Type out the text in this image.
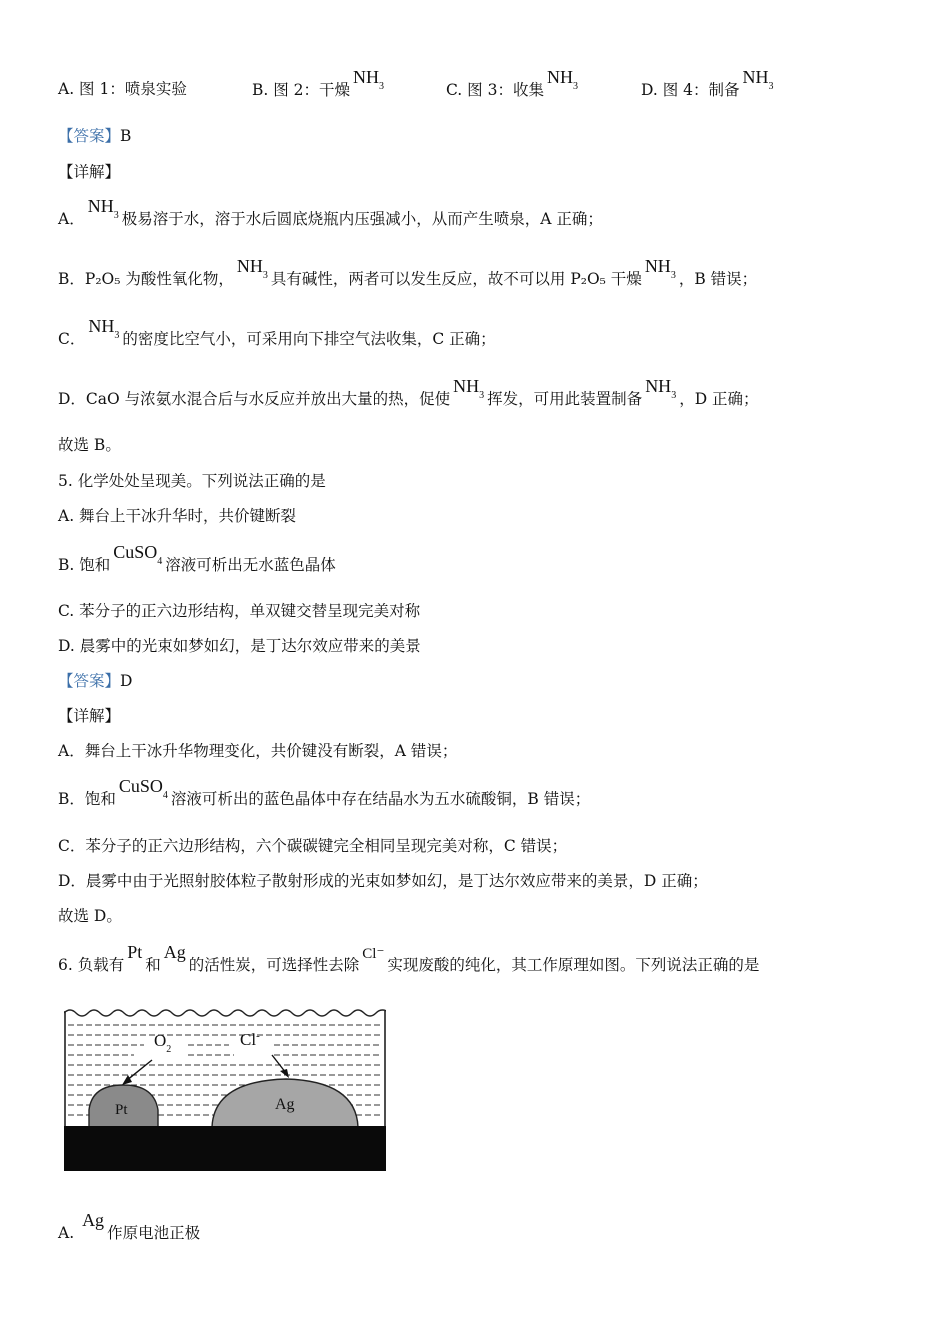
A. 图 1：喷泉实验	B. 图 2：干燥$NH_3$	C. 图 3：收集$NH_3$	D. 图 4：制备$NH_3$
【答案】B
【详解】
A．$NH_3$ 极易溶于水，溶于水后圆底烧瓶内压强减小，从而产生喷泉，A 正确；
B．P₂O₅ 为酸性氧化物，$NH_3$ 具有碱性，两者可以发生反应，故不可以用 P₂O₅ 干燥$NH_3$ ，B 错误；
C．$NH_3$ 的密度比空气小，可采用向下排空气法收集，C 正确；
D．CaO 与浓氨水混合后与水反应并放出大量的热，促使$NH_3$ 挥发，可用此装置制备$NH_3$ ，D 正确；
故选 B。
5. 化学处处呈现美。下列说法正确的是
A. 舞台上干冰升华时，共价键断裂
B. 饱和CuSO$_4$ 溶液可析出无水蓝色晶体
C. 苯分子的正六边形结构，单双键交替呈现完美对称
D. 晨雾中的光束如梦如幻，是丁达尔效应带来的美景
【答案】D
【详解】
A．舞台上干冰升华物理变化，共价键没有断裂，A 错误；
B．饱和CuSO$_4$ 溶液可析出的蓝色晶体中存在结晶水为五水硫酸铜，B 错误；
C．苯分子的正六边形结构，六个碳碳键完全相同呈现完美对称，C 错误；
D．晨雾中由于光照射胶体粒子散射形成的光束如梦如幻，是丁达尔效应带来的美景，D 正确；
故选 D。
6. 负载有Pt和Ag的活性炭，可选择性去除Cl⁻实现废酸的纯化，其工作原理如图。下列说法正确的是
$O_2$
Cl-
Pt	Ag
A. Ag作原电池正极
